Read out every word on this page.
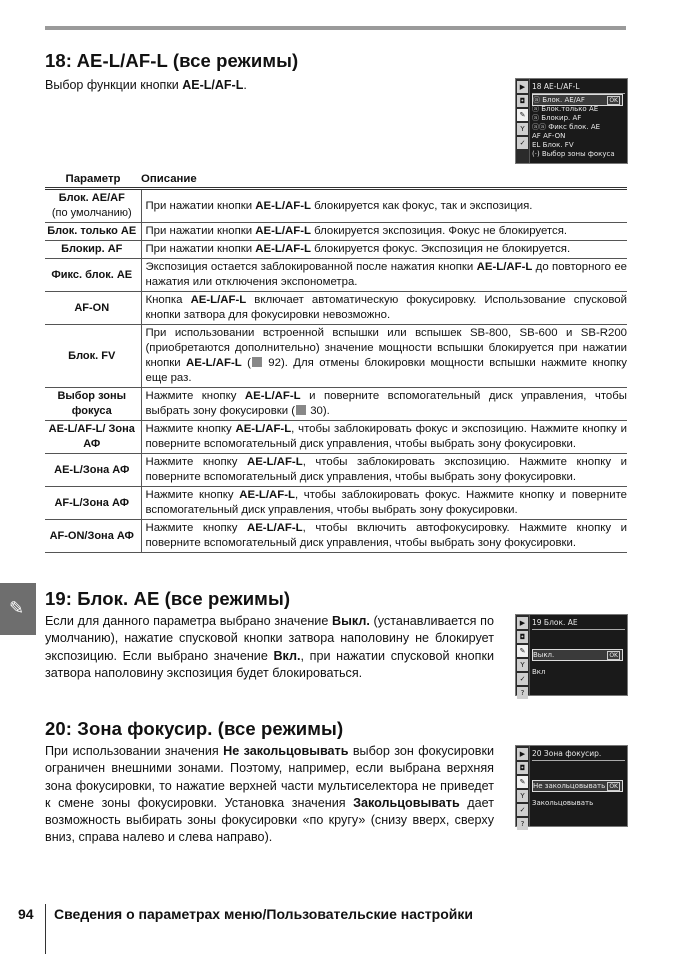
18: AE-L/AF-L (все режимы)
Выбор функции кнопки AE-L/AF-L.	▶
◘
✎
Y
✓
18 AE-L/AF-L
ⓐ Блок. AE/AF	OK
ⓐ Блок.только AE
ⓐ Блокир. AF
ⓐⓐ Фикс блок. AE
AF AF-ON
EL Блок. FV
(·) Выбор зоны фокуса
Параметр	Описание
Блок. AE/AF
(по умолчанию)	При нажатии кнопки AE-L/AF-L блокируется как фокус, так и экспозиция.
Блок. только AE	При нажатии кнопки AE-L/AF-L блокируется экспозиция. Фокус не блокируется.
Блокир. AF	При нажатии кнопки AE-L/AF-L блокируется фокус. Экспозиция не блокируется.
Фикс. блок. AE	Экспозиция остается заблокированной после нажатия кнопки AE-L/AF-L до повторного ее нажатия или отключения экспонометра.
AF-ON	Кнопка AE-L/AF-L включает автоматическую фокусировку. Использование спусковой кнопки затвора для фокусировки невозможно.
Блок. FV	При использовании встроенной вспышки или вспышек SB-800, SB-600 и SB-R200 (приобретаются дополнительно) значение мощности вспышки блокируется при нажатии кнопки AE-L/AF-L ( 92). Для отмены блокировки мощности вспышки нажмите кнопку еще раз.
Выбор зоны фокуса	Нажмите кнопку AE-L/AF-L и поверните вспомогательный диск управления, чтобы выбрать зону фокусировки ( 30).
AE-L/AF-L/ Зона АФ	Нажмите кнопку AE-L/AF-L, чтобы заблокировать фокус и экспозицию. Нажмите кнопку и поверните вспомогательный диск управления, чтобы выбрать зону фокусировки.
AE-L/Зона АФ	Нажмите кнопку AE-L/AF-L, чтобы заблокировать экспозицию. Нажмите кнопку и поверните вспомогательный диск управления, чтобы выбрать зону фокусировки.
AF-L/Зона АФ	Нажмите кнопку AE-L/AF-L, чтобы заблокировать фокус. Нажмите кнопку и поверните вспомогательный диск управления, чтобы выбрать зону фокусировки.
AF-ON/Зона АФ	Нажмите кнопку AE-L/AF-L, чтобы включить автофокусировку. Нажмите кнопку и поверните вспомогательный диск управления, чтобы выбрать зону фокусировки.
19: Блок. AE (все режимы)

Если для данного параметра выбрано значение Выкл. (устанавливается по умолчанию), нажатие спусковой кнопки затвора наполовину не блокирует экспозицию. Если выбрано значение Вкл., при нажатии спусковой кнопки затвора наполовину экспозиция будет блокироваться.

▶
◘
✎
Y
✓
?
19 Блок. AE
Выкл.	OK
Вкл
20: Зона фокусир. (все режимы)

При использовании значения Не закольцовывать выбор зон фокусировки ограничен внешними зонами. Поэтому, например, если выбрана верхняя зона фокусировки, то нажатие верхней части мультиселектора не приведет к смене зоны фокусировки. Установка значения Закольцовывать дает возможность выбирать зоны фокусировки «по кругу» (снизу вверх, сверху вниз, справа налево и слева направо).

▶
◘
✎
Y
✓
?
20 Зона фокусир.
Не закольцовывать OK
Закольцовывать
✎
94 Сведения о параметрах меню/Пользовательские настройки
